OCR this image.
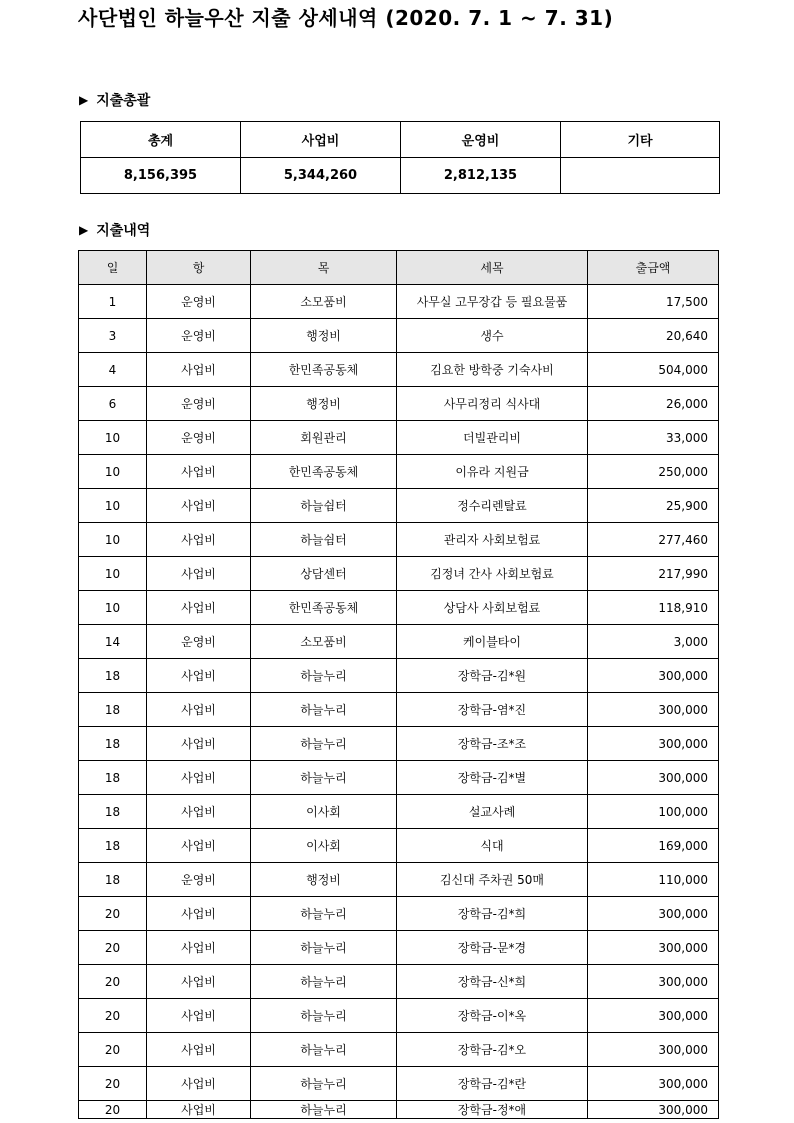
사단법인 하늘우산 지출 상세내역 (2020. 7. 1 ~ 7. 31)
▶ 지출총괄
총계	사업비	운영비	기타
8,156,395	5,344,260	2,812,135	
▶ 지출내역
일	항	목	세목	출금액
1	운영비	소모품비	사무실 고무장갑 등 필요물품	17,500
3	운영비	행정비	생수	20,640
4	사업비	한민족공동체	김요한 방학중 기숙사비	504,000
6	운영비	행정비	사무리정리 식사대	26,000
10	운영비	회원관리	더빌관리비	33,000
10	사업비	한민족공동체	이유라 지원금	250,000
10	사업비	하늘쉼터	정수리렌탈료	25,900
10	사업비	하늘쉼터	관리자 사회보험료	277,460
10	사업비	상담센터	김정녀 간사 사회보험료	217,990
10	사업비	한민족공동체	상담사 사회보험료	118,910
14	운영비	소모품비	케이블타이	3,000
18	사업비	하늘누리	장학금-김*원	300,000
18	사업비	하늘누리	장학금-염*진	300,000
18	사업비	하늘누리	장학금-조*조	300,000
18	사업비	하늘누리	장학금-김*별	300,000
18	사업비	이사회	설교사례	100,000
18	사업비	이사회	식대	169,000
18	운영비	행정비	김신대 주차권 50매	110,000
20	사업비	하늘누리	장학금-김*희	300,000
20	사업비	하늘누리	장학금-문*경	300,000
20	사업비	하늘누리	장학금-신*희	300,000
20	사업비	하늘누리	장학금-이*옥	300,000
20	사업비	하늘누리	장학금-김*오	300,000
20	사업비	하늘누리	장학금-김*란	300,000
20	사업비	하늘누리	장학금-정*애	300,000
